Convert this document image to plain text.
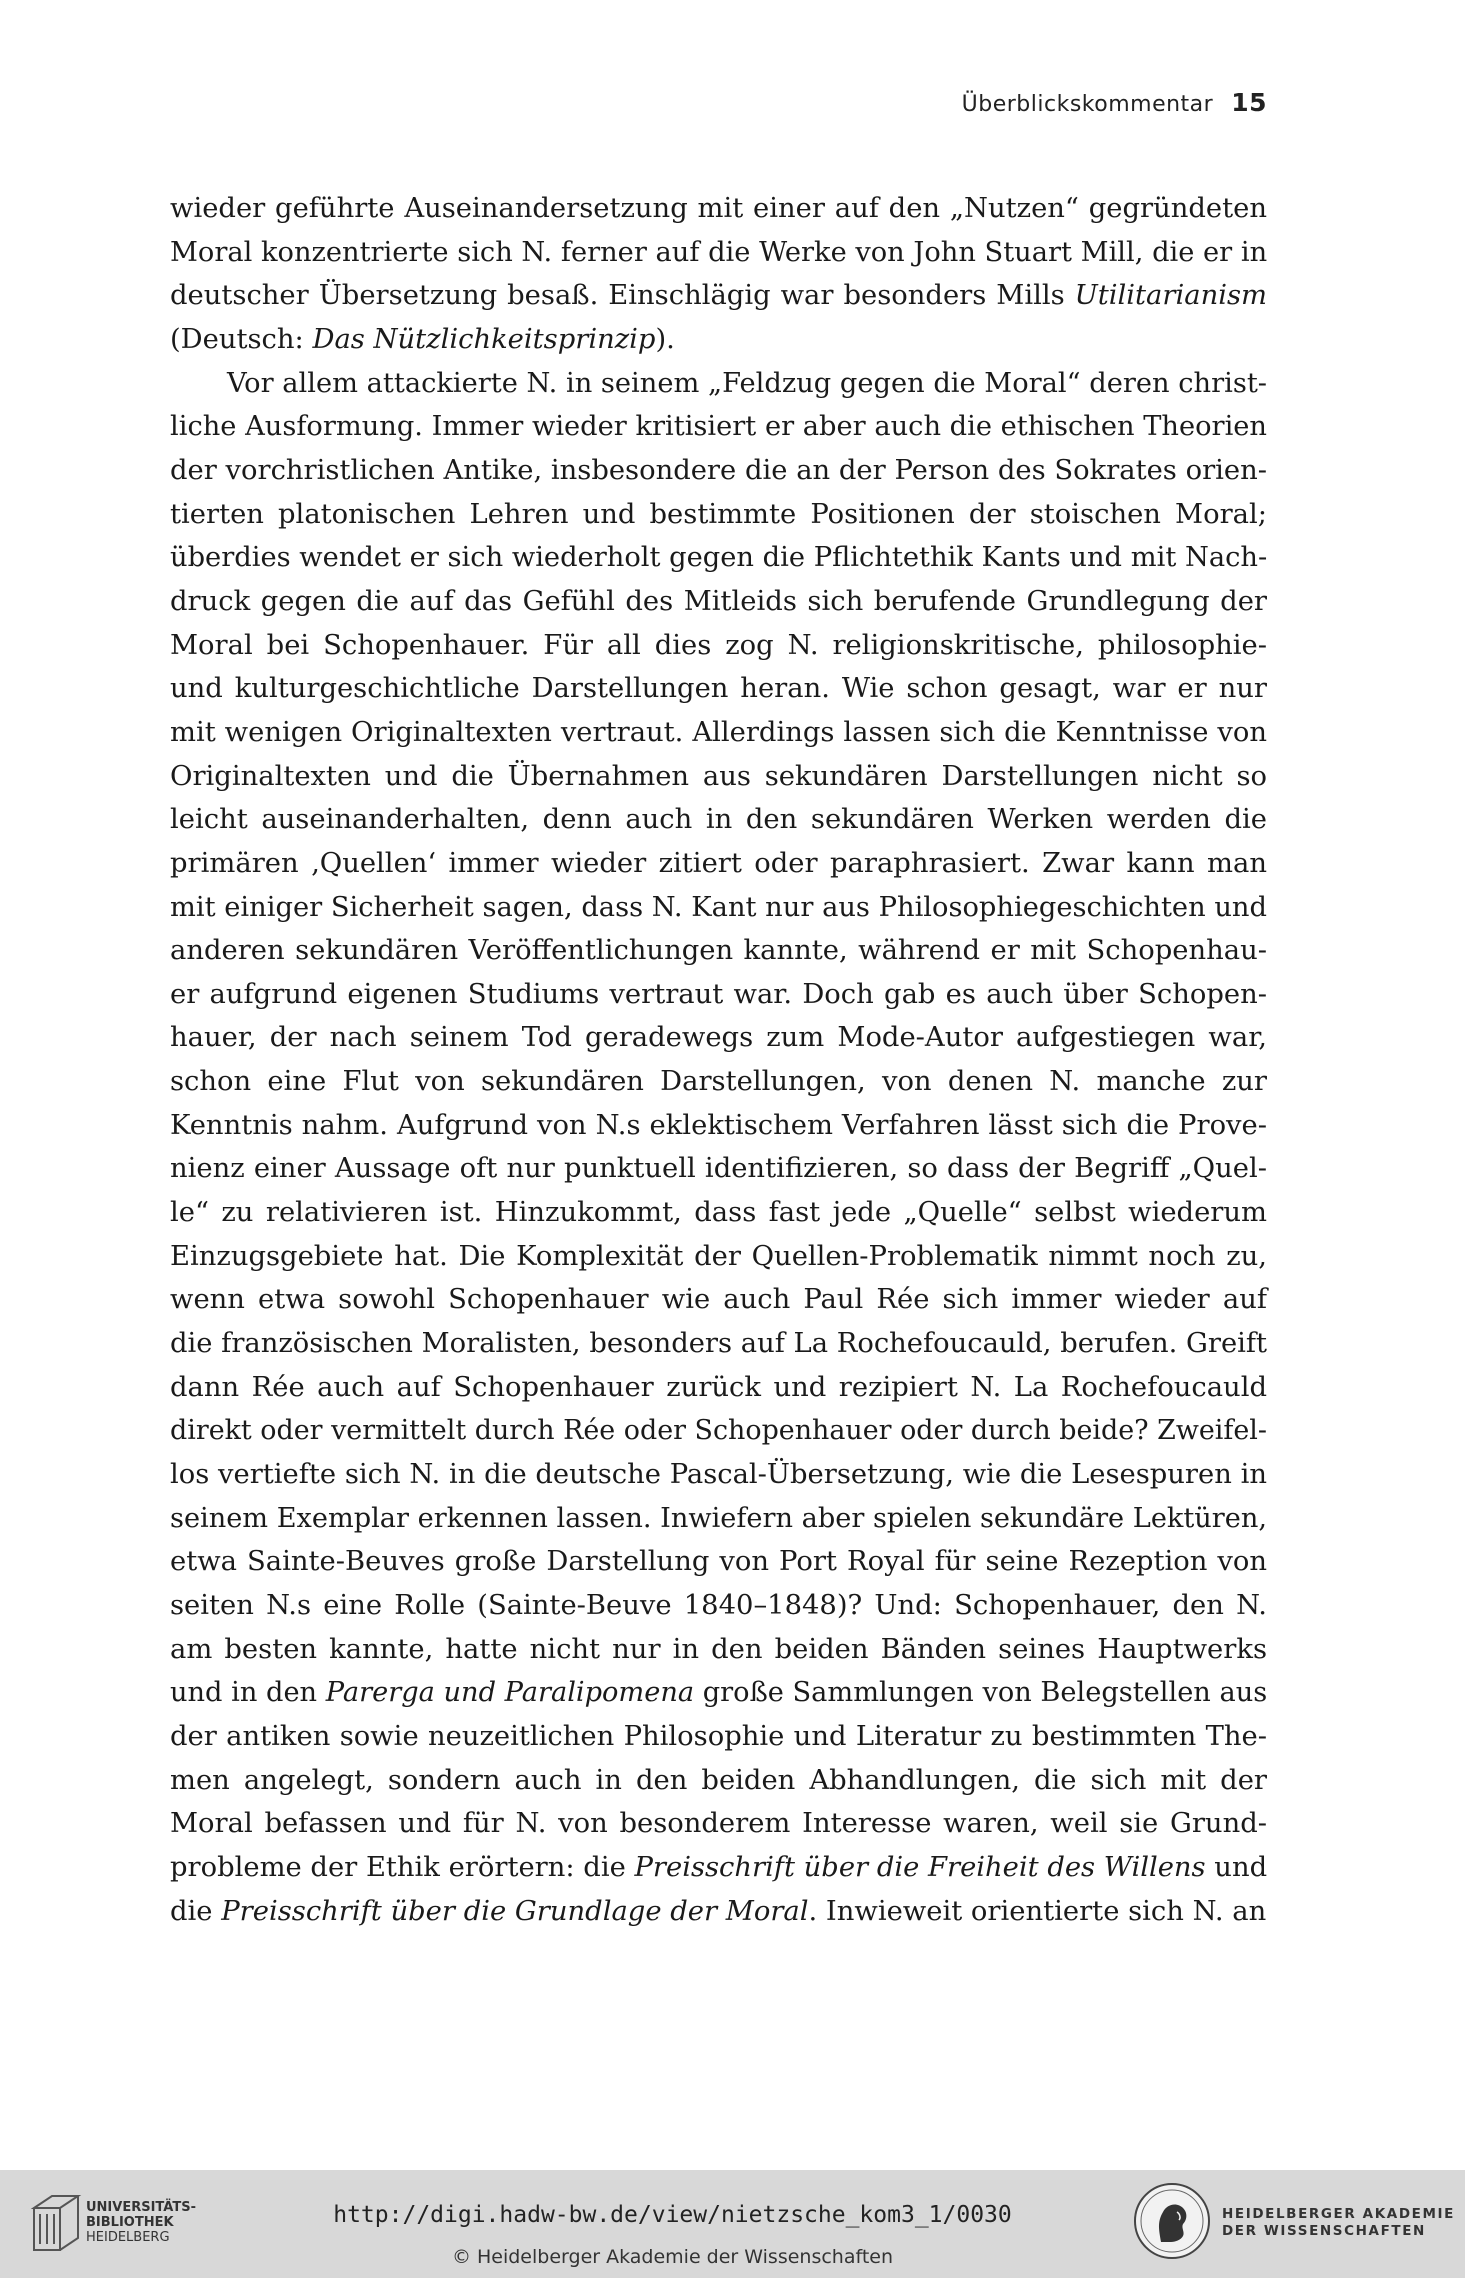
Überblickskommentar 15
wieder geführte Auseinandersetzung mit einer auf den „Nutzen“ gegründeten
Moral konzentrierte sich N. ferner auf die Werke von John Stuart Mill, die er in
deutscher Übersetzung besaß. Einschlägig war besonders Mills Utilitarianism
(Deutsch: Das Nützlichkeitsprinzip).
Vor allem attackierte N. in seinem „Feldzug gegen die Moral“ deren christ-
liche Ausformung. Immer wieder kritisiert er aber auch die ethischen Theorien
der vorchristlichen Antike, insbesondere die an der Person des Sokrates orien-
tierten platonischen Lehren und bestimmte Positionen der stoischen Moral;
überdies wendet er sich wiederholt gegen die Pflichtethik Kants und mit Nach-
druck gegen die auf das Gefühl des Mitleids sich berufende Grundlegung der
Moral bei Schopenhauer. Für all dies zog N. religionskritische, philosophie-
und kulturgeschichtliche Darstellungen heran. Wie schon gesagt, war er nur
mit wenigen Originaltexten vertraut. Allerdings lassen sich die Kenntnisse von
Originaltexten und die Übernahmen aus sekundären Darstellungen nicht so
leicht auseinanderhalten, denn auch in den sekundären Werken werden die
primären ‚Quellen‘ immer wieder zitiert oder paraphrasiert. Zwar kann man
mit einiger Sicherheit sagen, dass N. Kant nur aus Philosophiegeschichten und
anderen sekundären Veröffentlichungen kannte, während er mit Schopenhau-
er aufgrund eigenen Studiums vertraut war. Doch gab es auch über Schopen-
hauer, der nach seinem Tod geradewegs zum Mode-Autor aufgestiegen war,
schon eine Flut von sekundären Darstellungen, von denen N. manche zur
Kenntnis nahm. Aufgrund von N.s eklektischem Verfahren lässt sich die Prove-
nienz einer Aussage oft nur punktuell identifizieren, so dass der Begriff „Quel-
le“ zu relativieren ist. Hinzukommt, dass fast jede „Quelle“ selbst wiederum
Einzugsgebiete hat. Die Komplexität der Quellen-Problematik nimmt noch zu,
wenn etwa sowohl Schopenhauer wie auch Paul Rée sich immer wieder auf
die französischen Moralisten, besonders auf La Rochefoucauld, berufen. Greift
dann Rée auch auf Schopenhauer zurück und rezipiert N. La Rochefoucauld
direkt oder vermittelt durch Rée oder Schopenhauer oder durch beide? Zweifel-
los vertiefte sich N. in die deutsche Pascal-Übersetzung, wie die Lesespuren in
seinem Exemplar erkennen lassen. Inwiefern aber spielen sekundäre Lektüren,
etwa Sainte-Beuves große Darstellung von Port Royal für seine Rezeption von
seiten N.s eine Rolle (Sainte-Beuve 1840–1848)? Und: Schopenhauer, den N.
am besten kannte, hatte nicht nur in den beiden Bänden seines Hauptwerks
und in den Parerga und Paralipomena große Sammlungen von Belegstellen aus
der antiken sowie neuzeitlichen Philosophie und Literatur zu bestimmten The-
men angelegt, sondern auch in den beiden Abhandlungen, die sich mit der
Moral befassen und für N. von besonderem Interesse waren, weil sie Grund-
probleme der Ethik erörtern: die Preisschrift über die Freiheit des Willens und
die Preisschrift über die Grundlage der Moral. Inwieweit orientierte sich N. an
UNIVERSITÄTS-
BIBLIOTHEK
HEIDELBERG
http://digi.hadw-bw.de/view/nietzsche_kom3_1/0030
© Heidelberger Akademie der Wissenschaften
HEIDELBERGER AKADEMIE
DER WISSENSCHAFTEN
